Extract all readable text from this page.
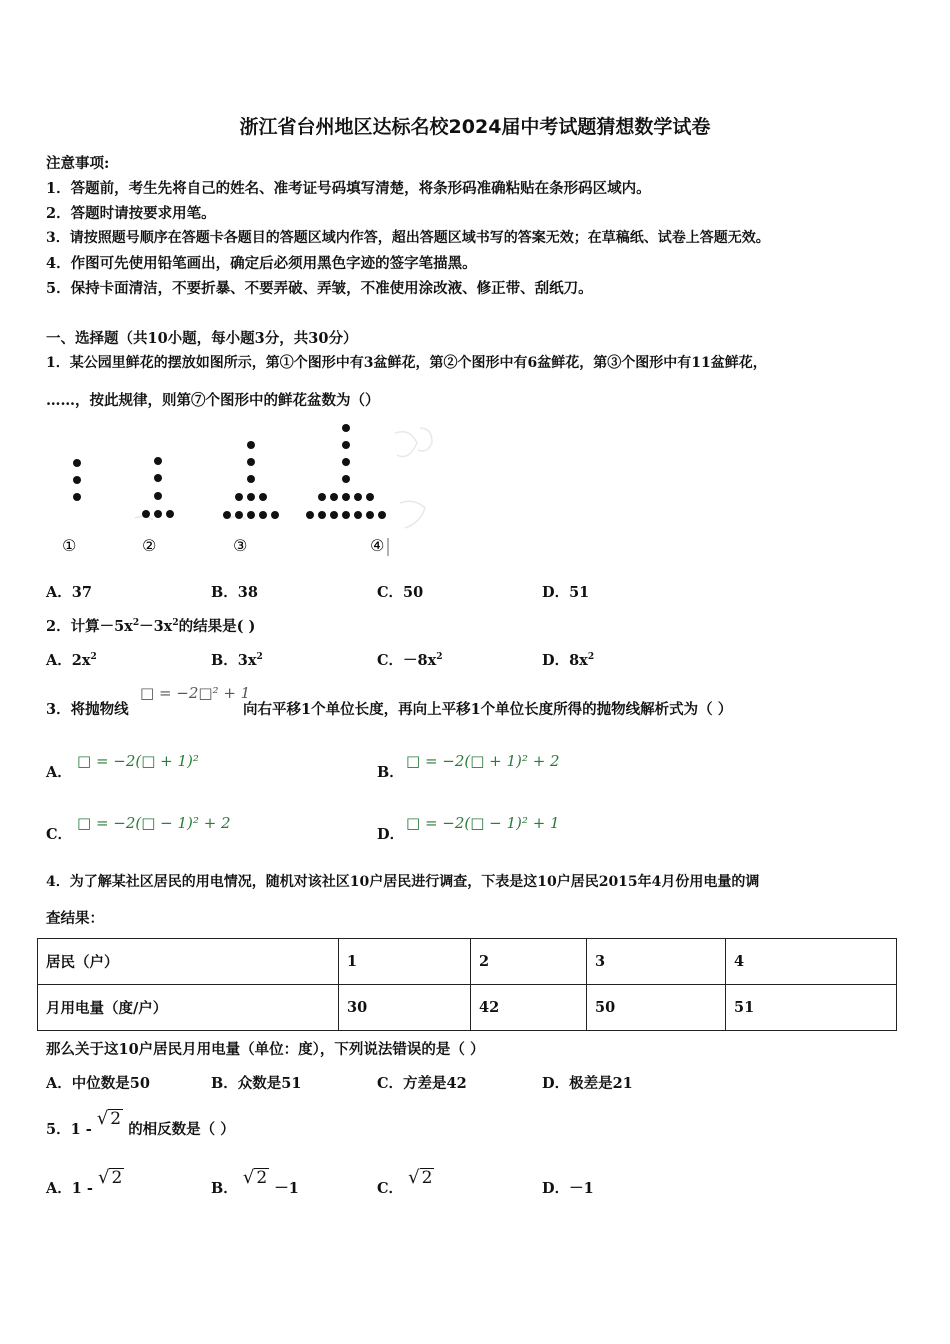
浙江省台州地区达标名校2024届中考试题猜想数学试卷
注意事项:
1．答题前，考生先将自己的姓名、准考证号码填写清楚，将条形码准确粘贴在条形码区域内。
2．答题时请按要求用笔。
3．请按照题号顺序在答题卡各题目的答题区域内作答，超出答题区域书写的答案无效；在草稿纸、试卷上答题无效。
4．作图可先使用铅笔画出，确定后必须用黑色字迹的签字笔描黑。
5．保持卡面清洁，不要折暴、不要弄破、弄皱，不准使用涂改液、修正带、刮纸刀。
一、选择题（共10小题，每小题3分，共30分）
1．某公园里鲜花的摆放如图所示，第①个图形中有3盆鲜花，第②个图形中有6盆鲜花，第③个图形中有11盆鲜花，
……，按此规律，则第⑦个图形中的鲜花盆数为（）
①	②	③	④
A．37	B．38	C．50	D．51
2．计算$-5x^2-3x^2$的结果是( )
A．$2x^2$	B．$3x^2$	C．$-8x^2$	D．$8x^2$
3．将抛物线
□ = −2□² + 1
向右平移1个单位长度，再向上平移1个单位长度所得的抛物线解析式为（ ）
A．
□ = −2(□ + 1)²
B．
□ = −2(□ + 1)² + 2
C．
□ = −2(□ − 1)² + 2
D．
□ = −2(□ − 1)² + 1
4．为了解某社区居民的用电情况，随机对该社区10户居民进行调查，下表是这10户居民2015年4月份用电量的调
查结果：
居民（户）	1	2	3	4
月用电量（度/户）	30	42	50	51
那么关于这10户居民月用电量（单位：度），下列说法错误的是（ ）
A．中位数是50	B．众数是51	C．方差是42	D．极差是21
5．1 - √ 2 的相反数是（ ）
A．1 - √ 2
B． √ 2 －1	C． √ 2
D．－1
